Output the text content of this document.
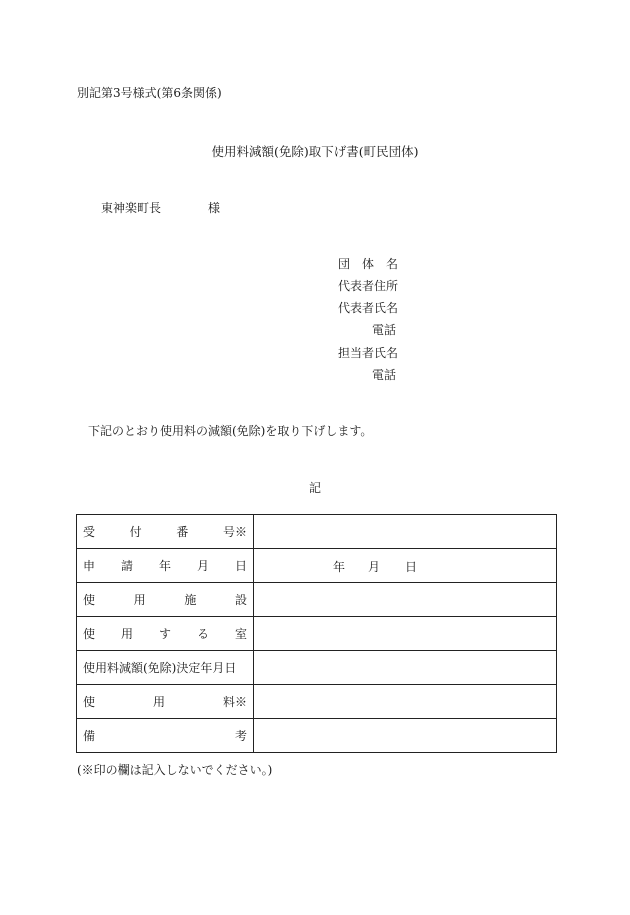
別記第3号様式(第6条関係)
使用料減額(免除)取下げ書(町民団体)
東神楽町長	様
団　体　名
代表者住所
代表者氏名
電話
担当者氏名
電話
下記のとおり使用料の減額(免除)を取り下げします。
記
受 付 番 号※	

申 請 年 月 日	年 月 日

使 用 施 設	

使 用 す る 室	

使用料減額(免除)決定年月日	

使 用 料※	

備 考	

(※印の欄は記入しないでください。)
